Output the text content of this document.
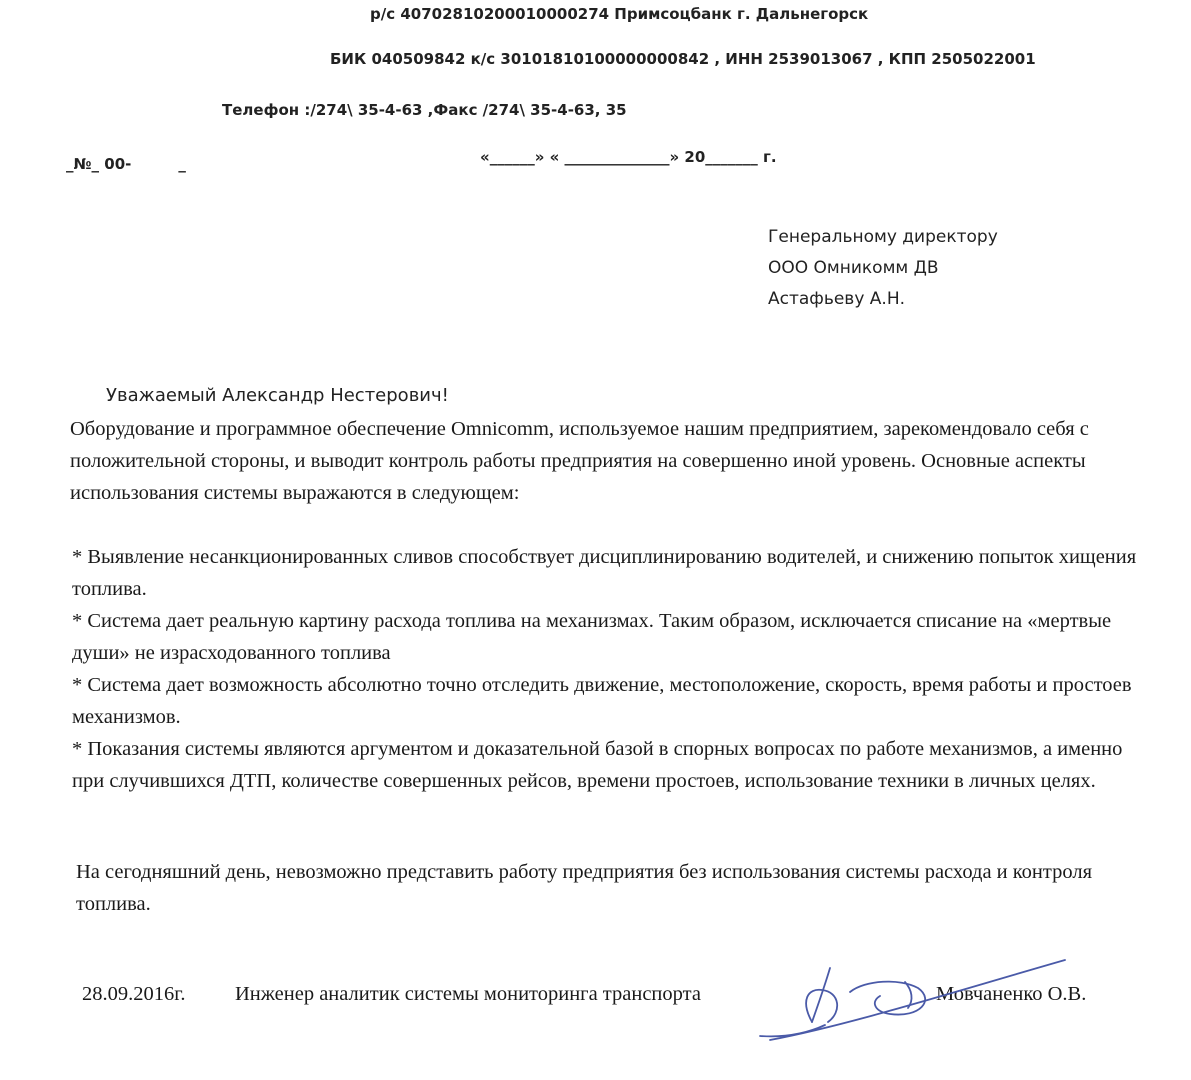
р/с 40702810200010000274 Примсоцбанк г. Дальнегорск
БИК 040509842 к/с 30101810100000000842 , ИНН 2539013067 , КПП 2505022001
Телефон :/274\ 35-4-63 ,Факс /274\ 35-4-63, 35
_№_ 00-         _	«______» « ______________» 20_______ г.
Генеральному директору
ООО Омникомм ДВ
Астафьеву А.Н.
Уважаемый Александр Нестерович!

Оборудование и программное обеспечение Omnicomm, используемое нашим предприятием, зарекомендовало себя с положительной стороны, и выводит контроль работы предприятия на совершенно иной уровень. Основные аспекты использования системы выражаются в следующем:

* Выявление несанкционированных сливов способствует дисциплинированию водителей, и снижению попыток хищения топлива.

* Система дает реальную картину расхода топлива на механизмах. Таким образом, исключается списание на «мертвые души» не израсходованного топлива

* Система дает возможность абсолютно точно отследить движение, местоположение, скорость, время работы и простоев механизмов.

* Показания системы являются аргументом и доказательной базой в спорных вопросах по работе механизмов, а именно при случившихся ДТП, количестве совершенных рейсов, времени простоев, использование техники в личных целях.

На сегодняшний день, невозможно представить работу предприятия без использования системы расхода и контроля топлива.
28.09.2016г. Инженер аналитик системы мониторинга транспорта	Мовчаненко О.В.
